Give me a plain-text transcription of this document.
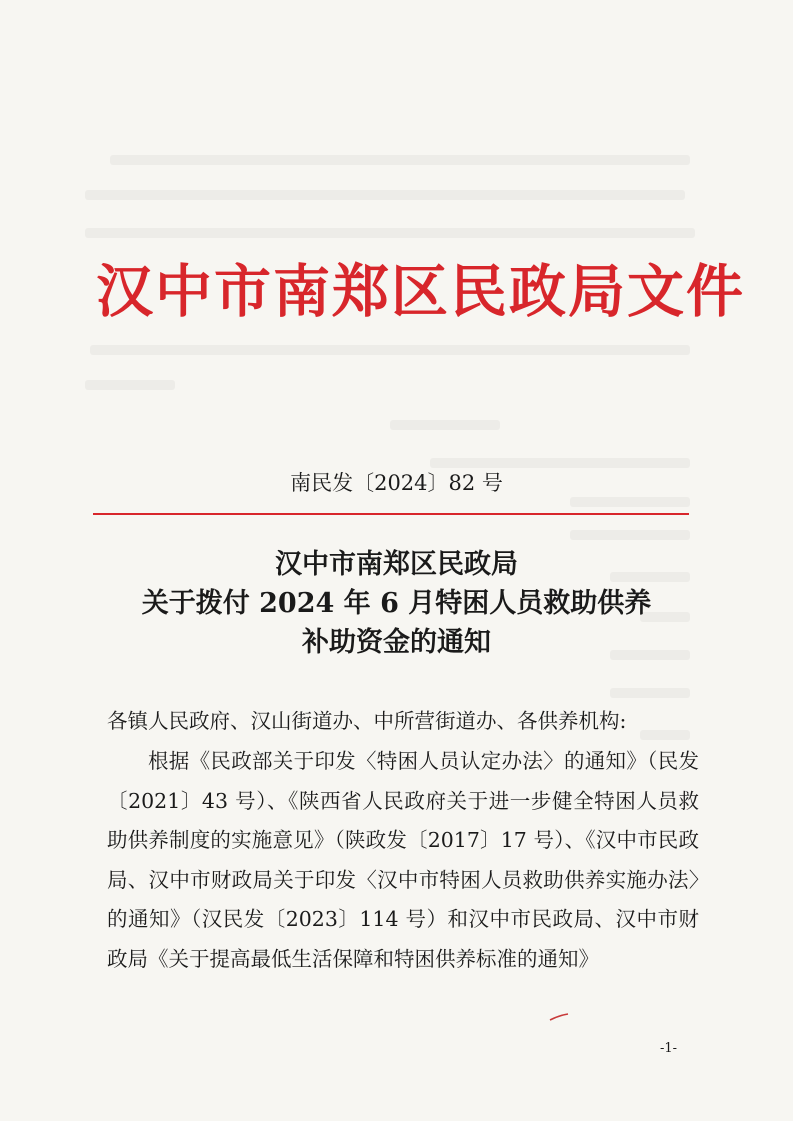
汉中市南郑区民政局文件
南民发〔2024〕82 号
汉中市南郑区民政局
关于拨付 2024 年 6 月特困人员救助供养
补助资金的通知
各镇人民政府、汉山街道办、中所营街道办、各供养机构:
根据《民政部关于印发〈特困人员认定办法〉的通知》（民发〔2021〕43 号）、《陕西省人民政府关于进一步健全特困人员救助供养制度的实施意见》（陕政发〔2017〕17 号）、《汉中市民政局、汉中市财政局关于印发〈汉中市特困人员救助供养实施办法〉的通知》（汉民发〔2023〕114 号）和汉中市民政局、汉中市财政局《关于提高最低生活保障和特困供养标准的通知》
-1-
